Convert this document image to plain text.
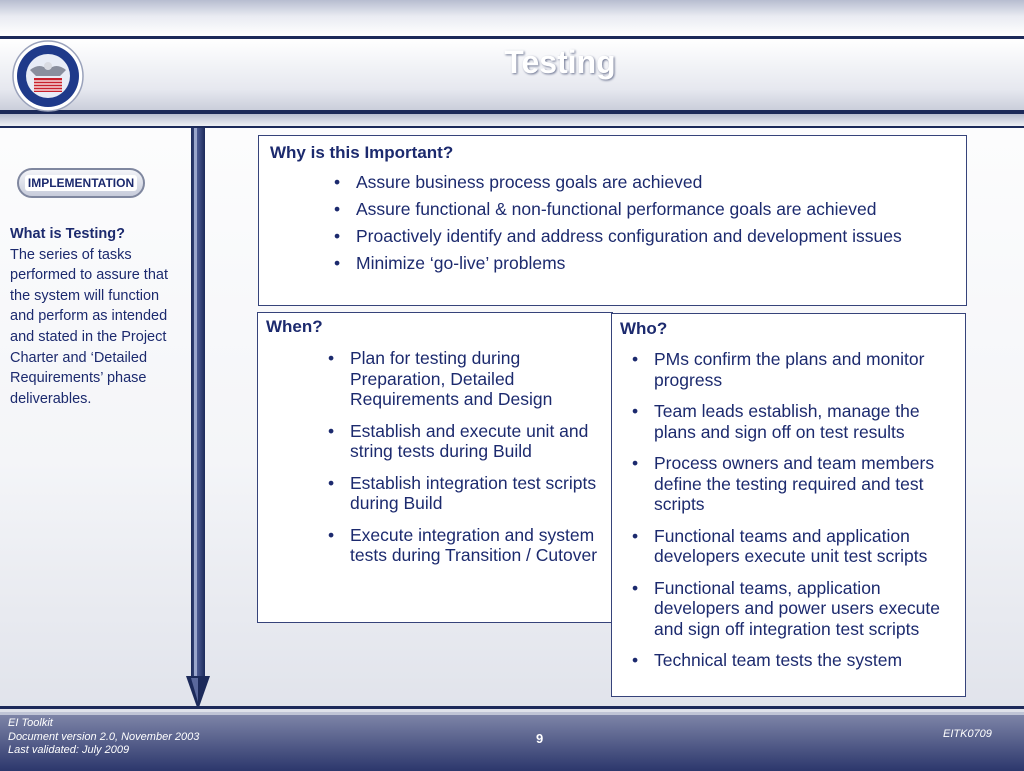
Testing
IMPLEMENTATION
What is Testing?
The series of tasks performed to assure that the system will function and perform as intended and stated in the Project Charter and ‘Detailed Requirements’ phase deliverables.
Why is this Important?
• Assure business process goals are achieved
• Assure functional & non-functional performance goals are achieved
• Proactively identify and address configuration and development issues
• Minimize ‘go-live’ problems
When?
• Plan for testing during Preparation, Detailed Requirements and Design
• Establish and execute unit and string tests during Build
• Establish integration test scripts during Build
• Execute integration and system tests during Transition / Cutover
Who?
• PMs confirm the plans and monitor progress
• Team leads establish, manage the plans and sign off on test results
• Process owners and team members define the testing required and test scripts
• Functional teams and application developers execute unit test scripts
• Functional teams, application developers and power users execute and sign off integration test scripts
• Technical team tests the system
EI Toolkit
Document version 2.0, November 2003
Last validated: July 2009
9	EITK0709
